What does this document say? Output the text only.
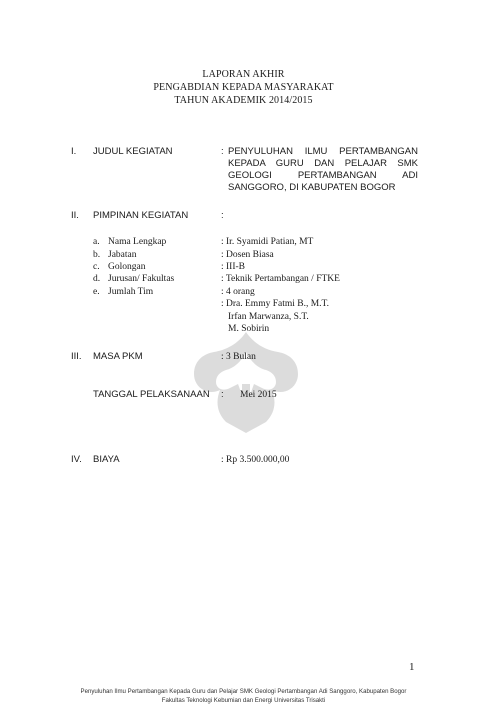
LAPORAN AKHIR
PENGABDIAN KEPADA MASYARAKAT
TAHUN AKADEMIK 2014/2015
I. JUDUL KEGIATAN	: PENYULUHAN ILMU PERTAMBANGAN
KEPADA GURU DAN PELAJAR SMK
GEOLOGI PERTAMBANGAN ADI
SANGGORO, DI KABUPATEN BOGOR
II. PIMPINAN KEGIATAN	:
a. Nama Lengkap	: Ir. Syamidi Patian, MT
b. Jabatan	: Dosen Biasa
c. Golongan	: III-B
d. Jurusan/ Fakultas	: Teknik Pertambangan / FTKE
e. Jumlah Tim	: 4 orang
: Dra. Emmy Fatmi B., M.T.
Irfan Marwanza, S.T.
M. Sobirin
III. MASA PKM	: 3 Bulan
TANGGAL PELAKSANAAN : Mei 2015
IV. BIAYA	: Rp 3.500.000,00
1
Penyuluhan Ilmu Pertambangan Kepada Guru dan Pelajar SMK Geologi Pertambangan Adi Sanggoro, Kabupaten Bogor
Fakultas Teknologi Kebumian dan Energi Universitas Trisakti
